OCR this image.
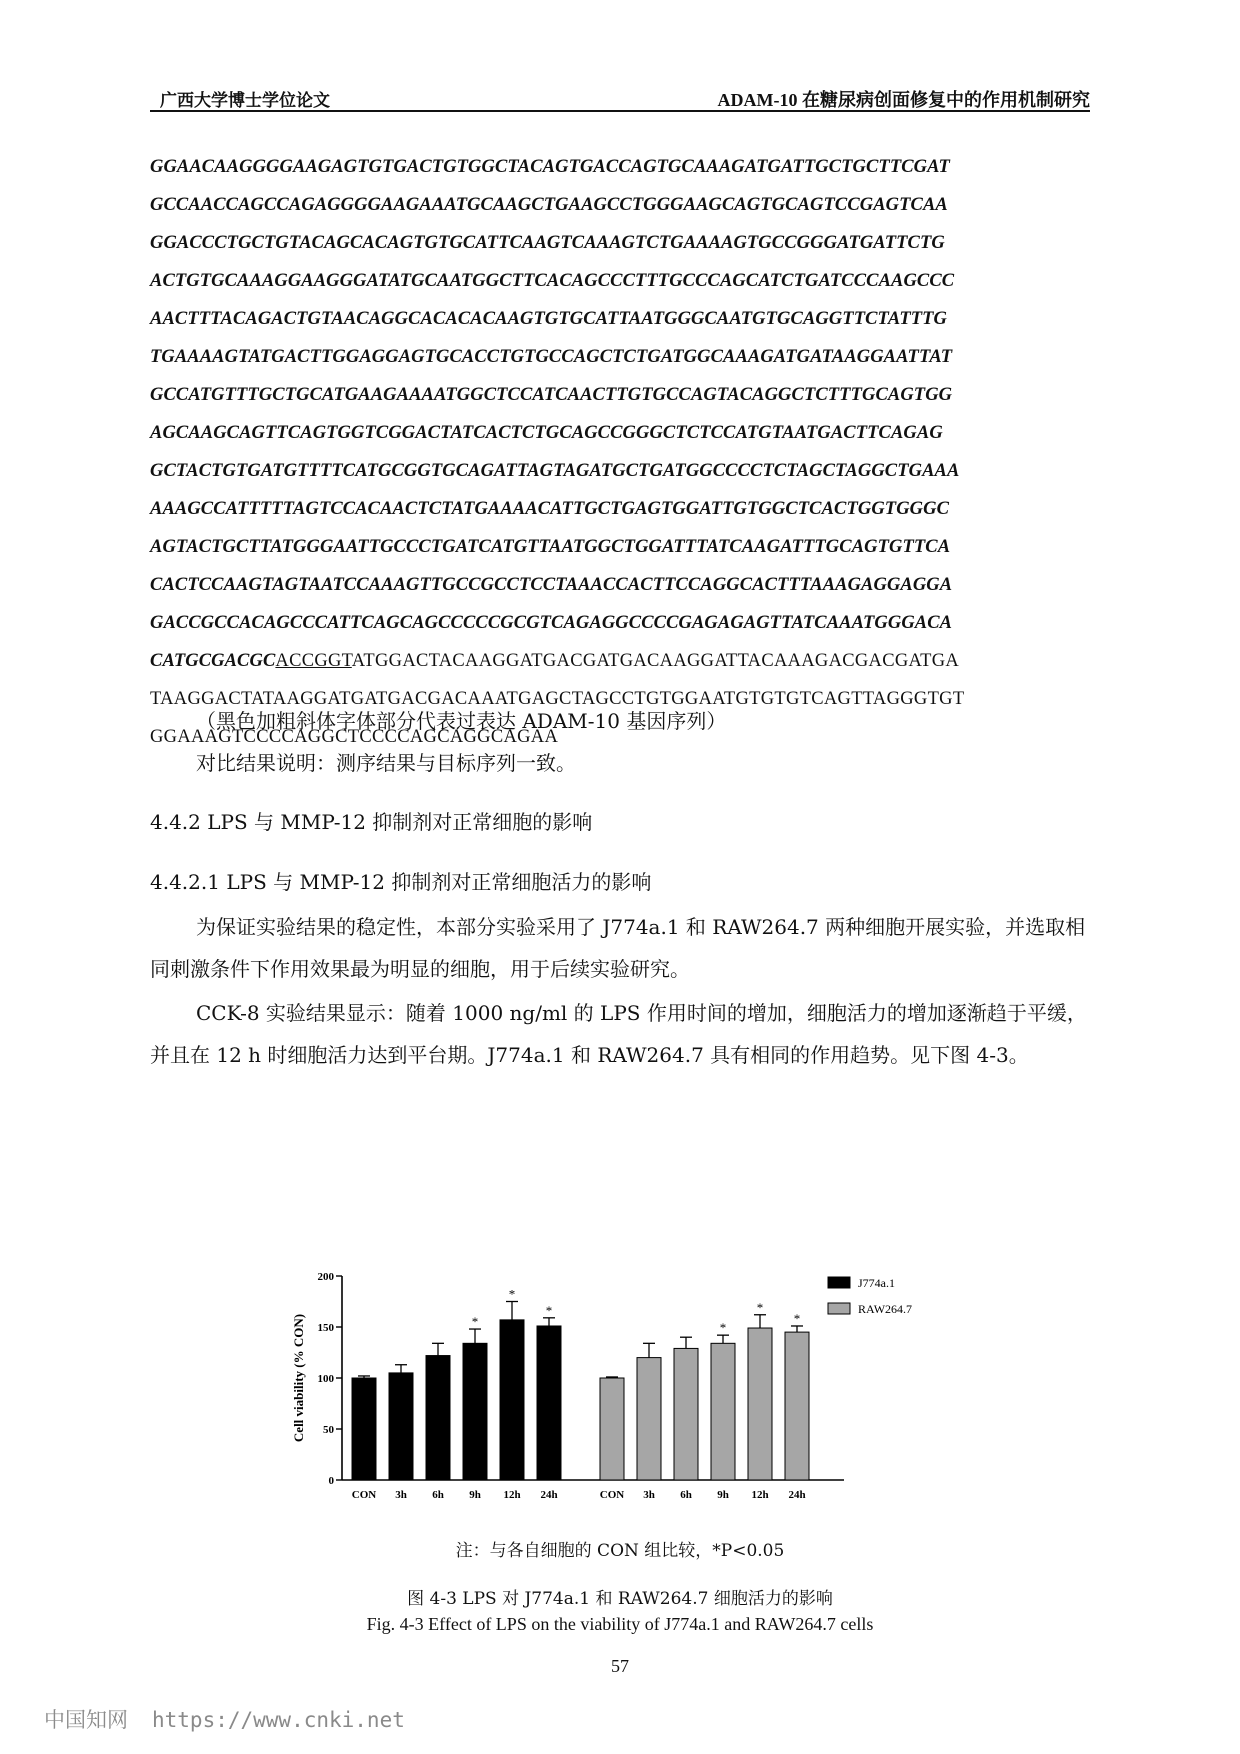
广西大学博士学位论文	ADAM-10 在糖尿病创面修复中的作用机制研究
GGAACAAGGGGAAGAGTGTGACTGTGGCTACAGTGACCAGTGCAAAGATGATTGCTGCTTCGAT
GCCAACCAGCCAGAGGGGAAGAAATGCAAGCTGAAGCCTGGGAAGCAGTGCAGTCCGAGTCAA
GGACCCTGCTGTACAGCACAGTGTGCATTCAAGTCAAAGTCTGAAAAGTGCCGGGATGATTCTG
ACTGTGCAAAGGAAGGGATATGCAATGGCTTCACAGCCCTTTGCCCAGCATCTGATCCCAAGCCC
AACTTTACAGACTGTAACAGGCACACACAAGTGTGCATTAATGGGCAATGTGCAGGTTCTATTTG
TGAAAAGTATGACTTGGAGGAGTGCACCTGTGCCAGCTCTGATGGCAAAGATGATAAGGAATTAT
GCCATGTTTGCTGCATGAAGAAAATGGCTCCATCAACTTGTGCCAGTACAGGCTCTTTGCAGTGG
AGCAAGCAGTTCAGTGGTCGGACTATCACTCTGCAGCCGGGCTCTCCATGTAATGACTTCAGAG
GCTACTGTGATGTTTTCATGCGGTGCAGATTAGTAGATGCTGATGGCCCCTCTAGCTAGGCTGAAA
AAAGCCATTTTTAGTCCACAACTCTATGAAAACATTGCTGAGTGGATTGTGGCTCACTGGTGGGC
AGTACTGCTTATGGGAATTGCCCTGATCATGTTAATGGCTGGATTTATCAAGATTTGCAGTGTTCA
CACTCCAAGTAGTAATCCAAAGTTGCCGCCTCCTAAACCACTTCCAGGCACTTTAAAGAGGAGGA
GACCGCCACAGCCCATTCAGCAGCCCCCGCGTCAGAGGCCCCGAGAGAGTTATCAAATGGGACA
CATGCGACGCACCGGTATGGACTACAAGGATGACGATGACAAGGATTACAAAGACGACGATGA
TAAGGACTATAAGGATGATGACGACAAATGAGCTAGCCTGTGGAATGTGTGTCAGTTAGGGTGT
GGAAAGTCCCCAGGCTCCCCAGCAGGCAGAA
（黑色加粗斜体字体部分代表过表达 ADAM-10 基因序列）
对比结果说明：测序结果与目标序列一致。
4.4.2 LPS 与 MMP-12 抑制剂对正常细胞的影响
4.4.2.1 LPS 与 MMP-12 抑制剂对正常细胞活力的影响
为保证实验结果的稳定性，本部分实验采用了 J774a.1 和 RAW264.7 两种细胞开展实验，并选取相同刺激条件下作用效果最为明显的细胞，用于后续实验研究。
CCK-8 实验结果显示：随着 1000 ng/ml 的 LPS 作用时间的增加，细胞活力的增加逐渐趋于平缓，并且在 12 h 时细胞活力达到平台期。J774a.1 和 RAW264.7 具有相同的作用趋势。见下图 4-3。
Cell viability (% CON)
0
50
100
150
200
CON 3h 6h
*
9h
*
12h
*
24h	CON 3h 6h
*
9h
*
12h
*
24h
J774a.1
RAW264.7
注：与各自细胞的 CON 组比较，*P<0.05
图 4-3 LPS 对 J774a.1 和 RAW264.7 细胞活力的影响
Fig. 4-3 Effect of LPS on the viability of J774a.1 and RAW264.7 cells
57
中国知网 https://www.cnki.net
